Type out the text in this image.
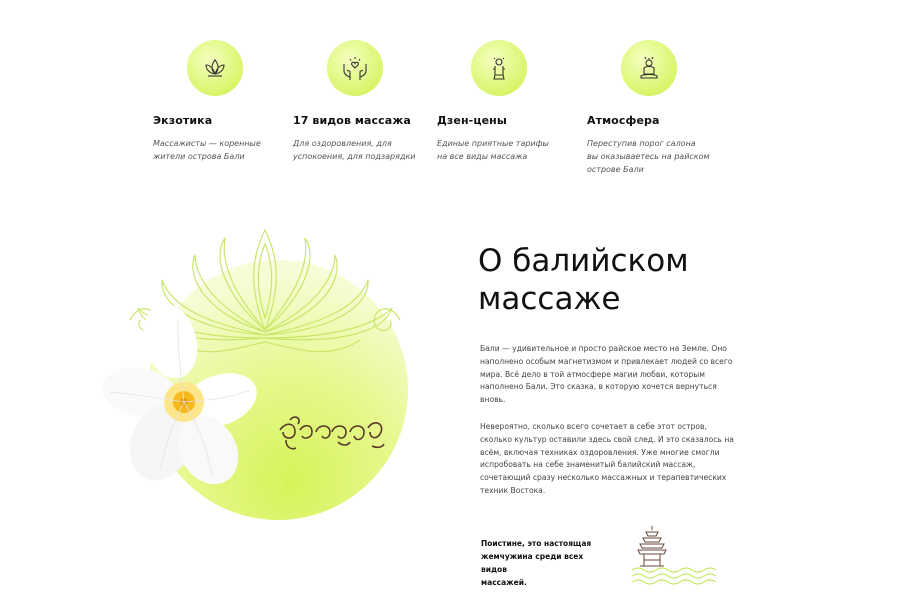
Экзотика

Массажисты — коренные
жители острова Бали

17 видов массажа

Для оздоровления, для
успокоения, для подзарядки

Дзен-цены

Единые приятные тарифы
на все виды массажа

Атмосфера

Переступив порог салона
вы оказываетесь на райском
острове Бали

О балийском
массаже

Бали — удивительное и просто райское место на Земле. Оно наполнено особым магнетизмом и привлекает людей со всего мира. Всё дело в той атмосфере магии любви, которым наполнено Бали. Это сказка, в которую хочется вернуться вновь.

Невероятно, сколько всего сочетает в себе этот остров, сколько культур оставили здесь свой след. И это сказалось на всём, включая техниках оздоровления. Уже многие смогли испробовать на себе знаменитый балийский массаж, сочетающий сразу несколько массажных и терапевтических техник Востока.

Поистине, это настоящая
жемчужина среди всех видов
массажей.
